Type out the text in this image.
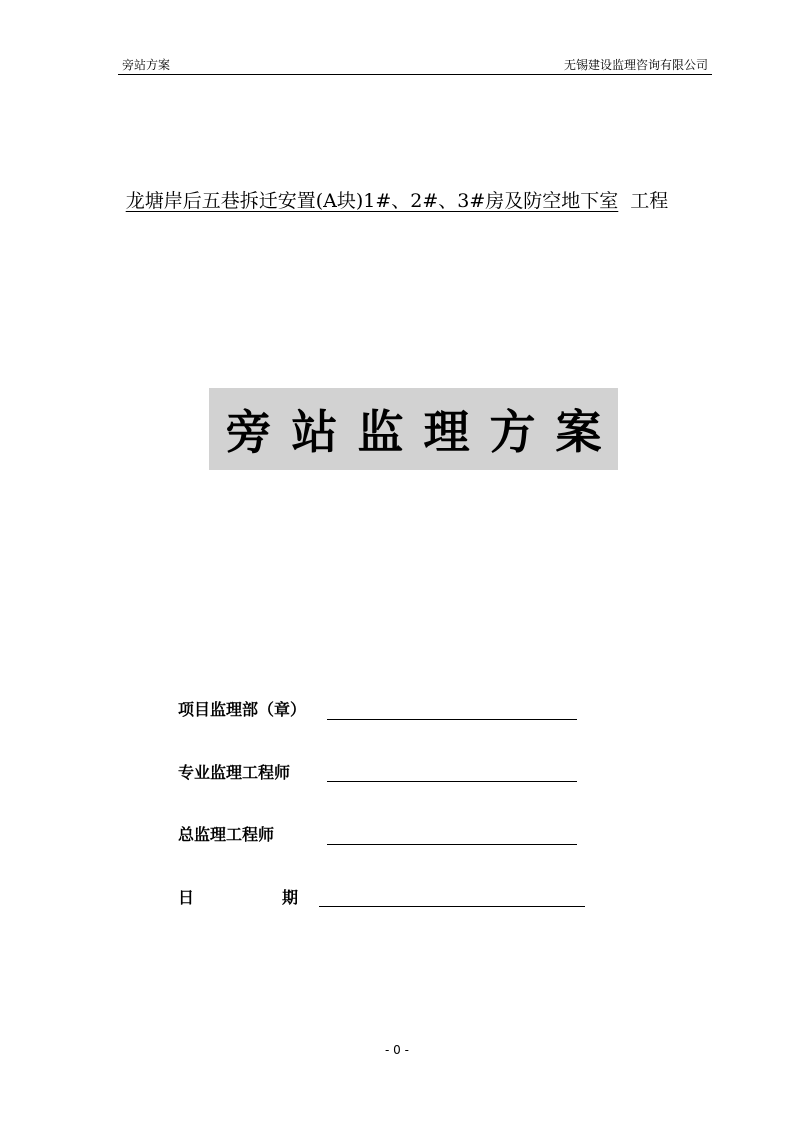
旁站方案	无锡建设监理咨询有限公司
龙塘岸后五巷拆迁安置(A块)1#、2#、3#房及防空地下室 工程
旁站监理方案
项目监理部（章）
专业监理工程师
总监理工程师
日	期
- 0 -
